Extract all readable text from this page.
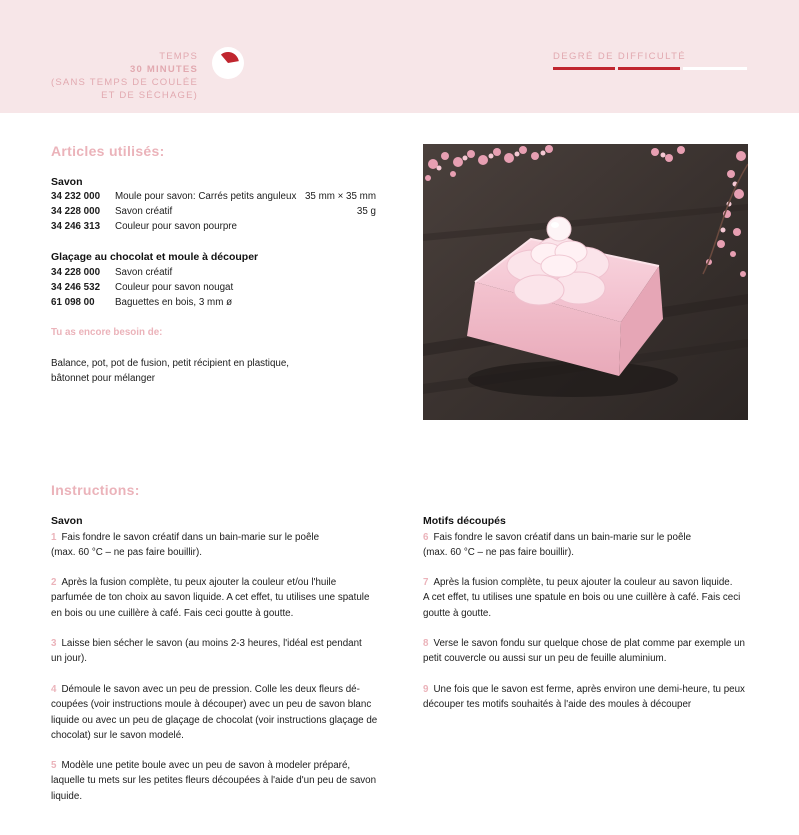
TEMPS
30 MINUTES
(SANS TEMPS DE COULÉE
ET DE SÉCHAGE)
DEGRÉ DE DIFFICULTÉ
Articles utilisés:
Savon
34 232 000 Moule pour savon: Carrés petits anguleux 35 mm × 35 mm
34 228 000 Savon créatif	35 g
34 246 313 Couleur pour savon pourpre
Glaçage au chocolat et moule à découper
34 228 000 Savon créatif
34 246 532 Couleur pour savon nougat
61 098 00 Baguettes en bois, 3 mm ø
Tu as encore besoin de:
Balance, pot, pot de fusion, petit récipient en plastique,
bâtonnet pour mélanger
Instructions:
Savon	Motifs découpés
1 Fais fondre le savon créatif dans un bain-marie sur le poêle
(max. 60 °C – ne pas faire bouillir).
2 Après la fusion complète, tu peux ajouter la couleur et/ou l'huile
parfumée de ton choix au savon liquide. A cet effet, tu utilises une spatule
en bois ou une cuillère à café. Fais ceci goutte à goutte.
3 Laisse bien sécher le savon (au moins 2-3 heures, l'idéal est pendant
un jour).
4 Démoule le savon avec un peu de pression. Colle les deux fleurs dé-
coupées (voir instructions moule à découper) avec un peu de savon blanc
liquide ou avec un peu de glaçage de chocolat (voir instructions glaçage de
chocolat) sur le savon modelé.
5 Modèle une petite boule avec un peu de savon à modeler préparé,
laquelle tu mets sur les petites fleurs découpées à l'aide d'un peu de savon
liquide.
6 Fais fondre le savon créatif dans un bain-marie sur le poêle
(max. 60 °C – ne pas faire bouillir).
7 Après la fusion complète, tu peux ajouter la couleur au savon liquide.
A cet effet, tu utilises une spatule en bois ou une cuillère à café. Fais ceci
goutte à goutte.
8 Verse le savon fondu sur quelque chose de plat comme par exemple un
petit couvercle ou aussi sur un peu de feuille aluminium.
9 Une fois que le savon est ferme, après environ une demi-heure, tu peux
découper tes motifs souhaités à l'aide des moules à découper
